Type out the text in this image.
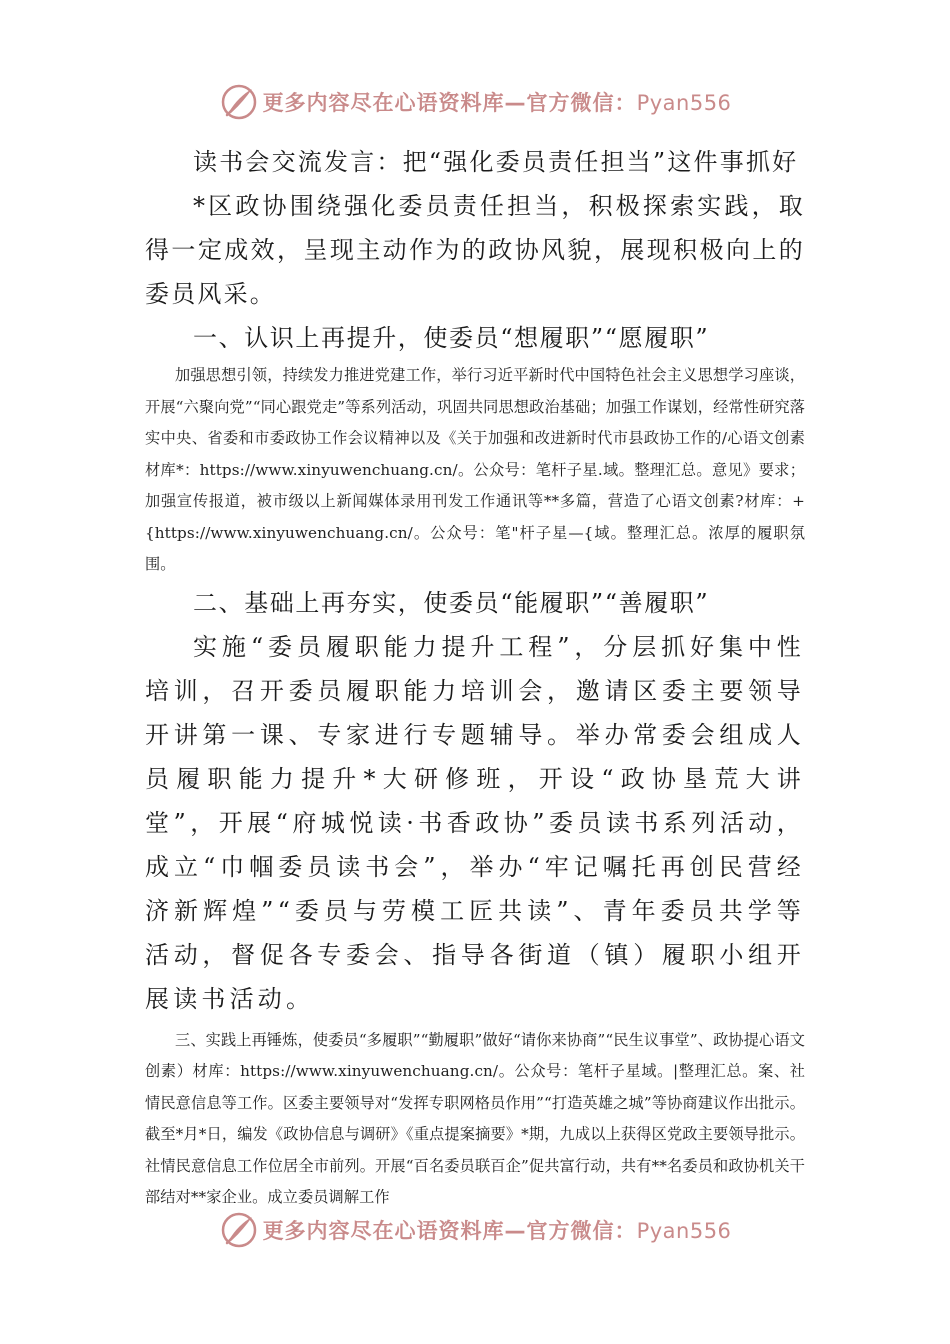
更多内容尽在心语资料库—官方微信：Pyan556

读书会交流发言：把“强化委员责任担当”这件事抓好

*区政协围绕强化委员责任担当，积极探索实践，取得一定成效，呈现主动作为的政协风貌，展现积极向上的委员风采。

一、认识上再提升，使委员“想履职”“愿履职”

加强思想引领，持续发力推进党建工作，举行习近平新时代中国特色社会主义思想学习座谈，开展“六聚向党”“同心跟党走”等系列活动，巩固共同思想政治基础；加强工作谋划，经常性研究落实中央、省委和市委政协工作会议精神以及《关于加强和改进新时代市县政协工作的/心语文创素材库*：https://www.xinyuwenchuang.cn/。公众号：笔杆子星.域。整理汇总。意见》要求；加强宣传报道，被市级以上新闻媒体录用刊发工作通讯等**多篇，营造了心语文创素?材库：+{https://www.xinyuwenchuang.cn/。公众号：笔"杆子星—{域。整理汇总。浓厚的履职氛围。

二、基础上再夯实，使委员“能履职”“善履职”

实施“委员履职能力提升工程”，分层抓好集中性培训，召开委员履职能力培训会，邀请区委主要领导开讲第一课、专家进行专题辅导。举办常委会组成人员履职能力提升*大研修班，开设“政协垦荒大讲堂”，开展“府城悦读·书香政协”委员读书系列活动，成立“巾帼委员读书会”，举办“牢记嘱托再创民营经济新辉煌”“委员与劳模工匠共读”、青年委员共学等活动，督促各专委会、指导各街道（镇）履职小组开展读书活动。

三、实践上再锤炼，使委员“多履职”“勤履职”做好“请你来协商”“民生议事堂”、政协提心语文创素）材库：https://www.xinyuwenchuang.cn/。公众号：笔杆子星域。|整理汇总。案、社情民意信息等工作。区委主要领导对“发挥专职网格员作用”“打造英雄之城”等协商建议作出批示。截至*月*日，编发《政协信息与调研》《重点提案摘要》*期，九成以上获得区党政主要领导批示。社情民意信息工作位居全市前列。开展“百名委员联百企”促共富行动，共有**名委员和政协机关干部结对**家企业。成立委员调解工作

更多内容尽在心语资料库—官方微信：Pyan556
